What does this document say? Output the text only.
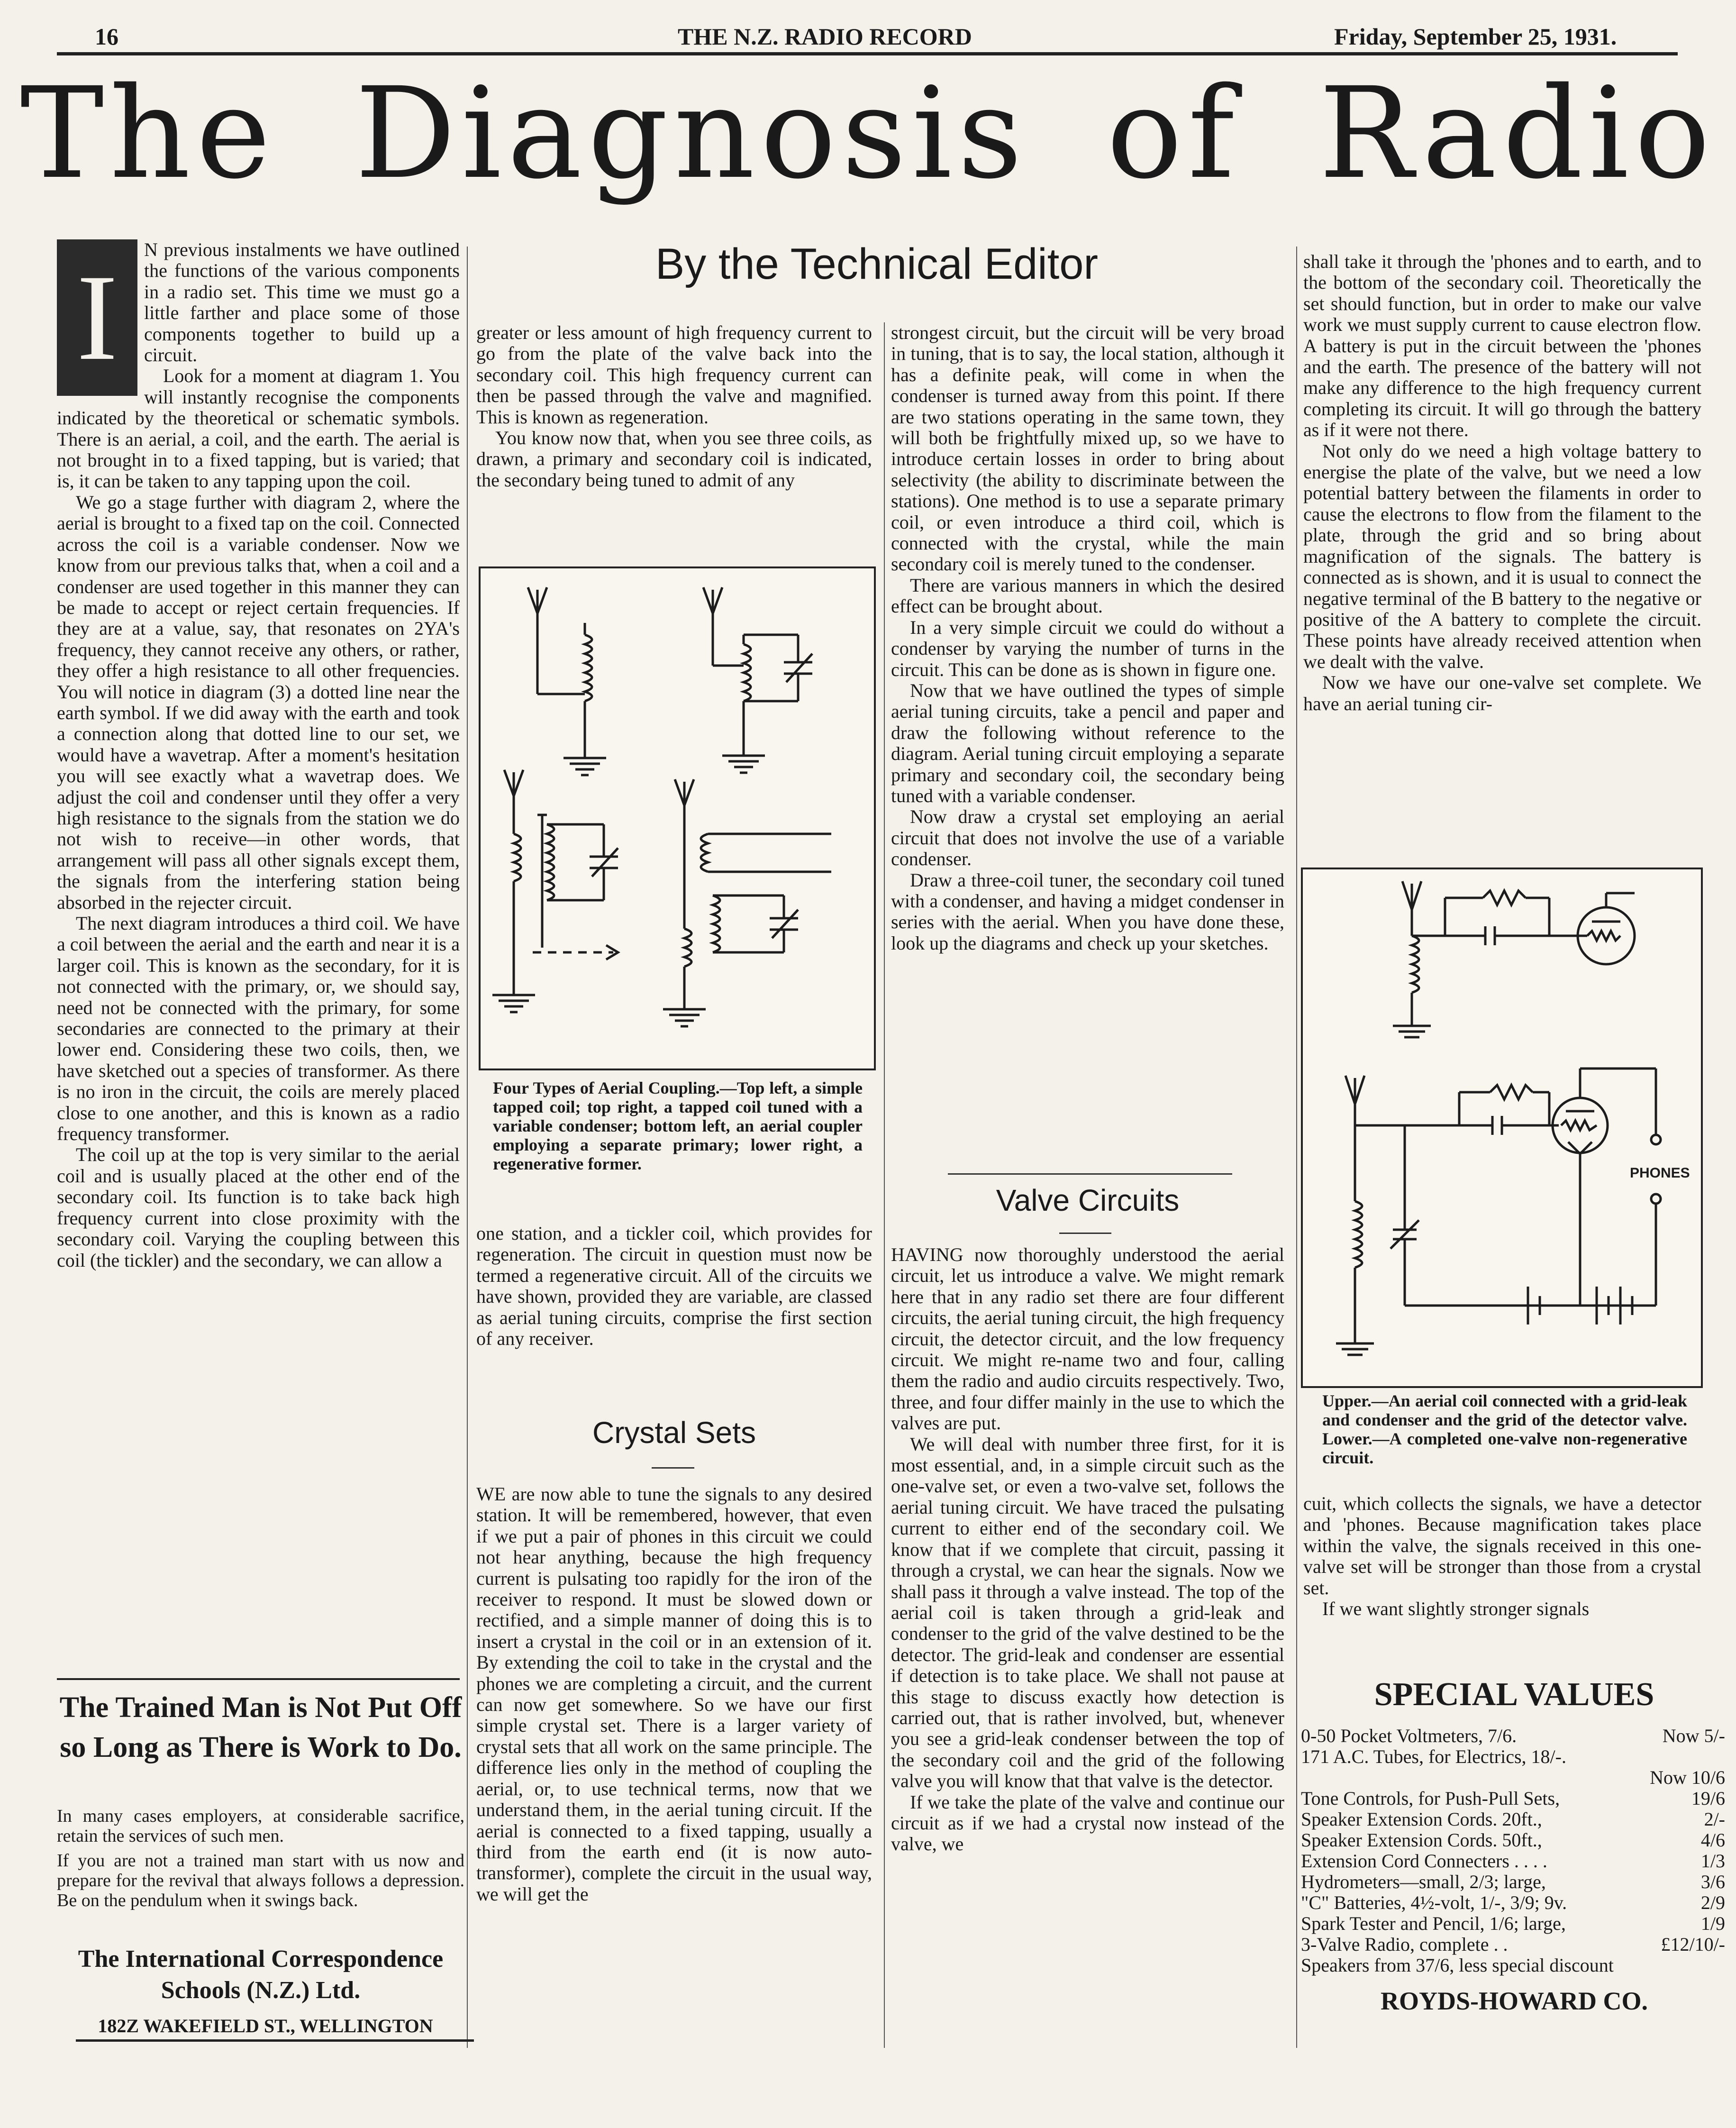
16	THE N.Z. RADIO RECORD	Friday, September 25, 1931.
The Diagnosis of Radio
By the Technical Editor
I	N previous instalments we have outlined the functions of the various components in a radio set. This time we must go a little farther and place some of those components together to build up a circuit.

Look for a moment at diagram 1. You will instantly recognise the components indicated by the theoretical or schematic symbols. There is an aerial, a coil, and the earth. The aerial is not brought in to a fixed tapping, but is varied; that is, it can be taken to any tapping upon the coil.

We go a stage further with diagram 2, where the aerial is brought to a fixed tap on the coil. Connected across the coil is a variable condenser. Now we know from our previous talks that, when a coil and a condenser are used together in this manner they can be made to accept or reject certain frequencies. If they are at a value, say, that resonates on 2YA's frequency, they cannot receive any others, or rather, they offer a high resistance to all other frequencies. You will notice in diagram (3) a dotted line near the earth symbol. If we did away with the earth and took a connection along that dotted line to our set, we would have a wavetrap. After a moment's hesitation you will see exactly what a wavetrap does. We adjust the coil and condenser until they offer a very high resistance to the signals from the station we do not wish to receive—in other words, that arrangement will pass all other signals except them, the signals from the interfering station being absorbed in the rejecter circuit.

The next diagram introduces a third coil. We have a coil between the aerial and the earth and near it is a larger coil. This is known as the secondary, for it is not connected with the primary, or, we should say, need not be connected with the primary, for some secondaries are connected to the primary at their lower end. Considering these two coils, then, we have sketched out a species of transformer. As there is no iron in the circuit, the coils are merely placed close to one another, and this is known as a radio frequency transformer.

The coil up at the top is very similar to the aerial coil and is usually placed at the other end of the secondary coil. Its function is to take back high frequency current into close proximity with the secondary coil. Varying the coupling between this coil (the tickler) and the secondary, we can allow a

greater or less amount of high frequency current to go from the plate of the valve back into the secondary coil. This high frequency current can then be passed through the valve and magnified. This is known as regeneration.

You know now that, when you see three coils, as drawn, a primary and secondary coil is indicated, the secondary being tuned to admit of any

Four Types of Aerial Coupling.—Top left, a simple tapped coil; top right, a tapped coil tuned with a variable condenser; bottom left, an aerial coupler employing a separate primary; lower right, a regenerative former.

one station, and a tickler coil, which provides for regeneration. The circuit in question must now be termed a regenerative circuit. All of the circuits we have shown, provided they are variable, are classed as aerial tuning circuits, comprise the first section of any receiver.

Crystal Sets

WE are now able to tune the signals to any desired station. It will be remembered, however, that even if we put a pair of phones in this circuit we could not hear anything, because the high frequency current is pulsating too rapidly for the iron of the receiver to respond. It must be slowed down or rectified, and a simple manner of doing this is to insert a crystal in the coil or in an extension of it. By extending the coil to take in the crystal and the phones we are completing a circuit, and the current can now get somewhere. So we have our first simple crystal set. There is a larger variety of crystal sets that all work on the same principle. The difference lies only in the method of coupling the aerial, or, to use technical terms, now that we understand them, in the aerial tuning circuit. If the aerial is connected to a fixed tapping, usually a third from the earth end (it is now auto-transformer), complete the circuit in the usual way, we will get the

strongest circuit, but the circuit will be very broad in tuning, that is to say, the local station, although it has a definite peak, will come in when the condenser is turned away from this point. If there are two stations operating in the same town, they will both be frightfully mixed up, so we have to introduce certain losses in order to bring about selectivity (the ability to discriminate between the stations). One method is to use a separate primary coil, or even introduce a third coil, which is connected with the crystal, while the main secondary coil is merely tuned to the condenser.

There are various manners in which the desired effect can be brought about.

In a very simple circuit we could do without a condenser by varying the number of turns in the circuit. This can be done as is shown in figure one.

Now that we have outlined the types of simple aerial tuning circuits, take a pencil and paper and draw the following without reference to the diagram. Aerial tuning circuit employing a separate primary and secondary coil, the secondary being tuned with a variable condenser.

Now draw a crystal set employing an aerial circuit that does not involve the use of a variable condenser.

Draw a three-coil tuner, the secondary coil tuned with a condenser, and having a midget condenser in series with the aerial. When you have done these, look up the diagrams and check up your sketches.

Valve Circuits

HAVING now thoroughly understood the aerial circuit, let us introduce a valve. We might remark here that in any radio set there are four different circuits, the aerial tuning circuit, the high frequency circuit, the detector circuit, and the low frequency circuit. We might re-name two and four, calling them the radio and audio circuits respectively. Two, three, and four differ mainly in the use to which the valves are put.

We will deal with number three first, for it is most essential, and, in a simple circuit such as the one-valve set, or even a two-valve set, follows the aerial tuning circuit. We have traced the pulsating current to either end of the secondary coil. We know that if we complete that circuit, passing it through a crystal, we can hear the signals. Now we shall pass it through a valve instead. The top of the aerial coil is taken through a grid-leak and condenser to the grid of the valve destined to be the detector. The grid-leak and condenser are essential if detection is to take place. We shall not pause at this stage to discuss exactly how detection is carried out, that is rather involved, but, whenever you see a grid-leak condenser between the top of the secondary coil and the grid of the following valve you will know that that valve is the detector.

If we take the plate of the valve and continue our circuit as if we had a crystal now instead of the valve, we

shall take it through the 'phones and to earth, and to the bottom of the secondary coil. Theoretically the set should function, but in order to make our valve work we must supply current to cause electron flow. A battery is put in the circuit between the 'phones and the earth. The presence of the battery will not make any difference to the high frequency current completing its circuit. It will go through the battery as if it were not there.

Not only do we need a high voltage battery to energise the plate of the valve, but we need a low potential battery between the filaments in order to cause the electrons to flow from the filament to the plate, through the grid and so bring about magnification of the signals. The battery is connected as is shown, and it is usual to connect the negative terminal of the B battery to the negative or positive of the A battery to complete the circuit. These points have already received attention when we dealt with the valve.

Now we have our one-valve set complete. We have an aerial tuning cir-

PHONES
Upper.—An aerial coil connected with a grid-leak and condenser and the grid of the detector valve. Lower.—A completed one-valve non-regenerative circuit.

cuit, which collects the signals, we have a detector and 'phones. Because magnification takes place within the valve, the signals received in this one-valve set will be stronger than those from a crystal set.

If we want slightly stronger signals

The Trained Man is Not Put Off so Long as There is Work to Do.

In many cases employers, at considerable sacrifice, retain the services of such men.

If you are not a trained man start with us now and prepare for the revival that always follows a depression. Be on the pendulum when it swings back.

The International Correspondence Schools (N.Z.) Ltd.
182Z WAKEFIELD ST., WELLINGTON
SPECIAL VALUES
0-50 Pocket Voltmeters, 7/6.	Now 5/-
171 A.C. Tubes, for Electrics, 18/-.
Now 10/6
Tone Controls, for Push-Pull Sets,	19/6
Speaker Extension Cords. 20ft.,	2/-
Speaker Extension Cords. 50ft.,	4/6
Extension Cord Connecters . . . .	1/3
Hydrometers—small, 2/3; large,	3/6
"C" Batteries, 4½-volt, 1/-, 3/9; 9v.	2/9
Spark Tester and Pencil, 1/6; large,	1/9
3-Valve Radio, complete . .	£12/10/-
Speakers from 37/6, less special discount
ROYDS-HOWARD CO.
